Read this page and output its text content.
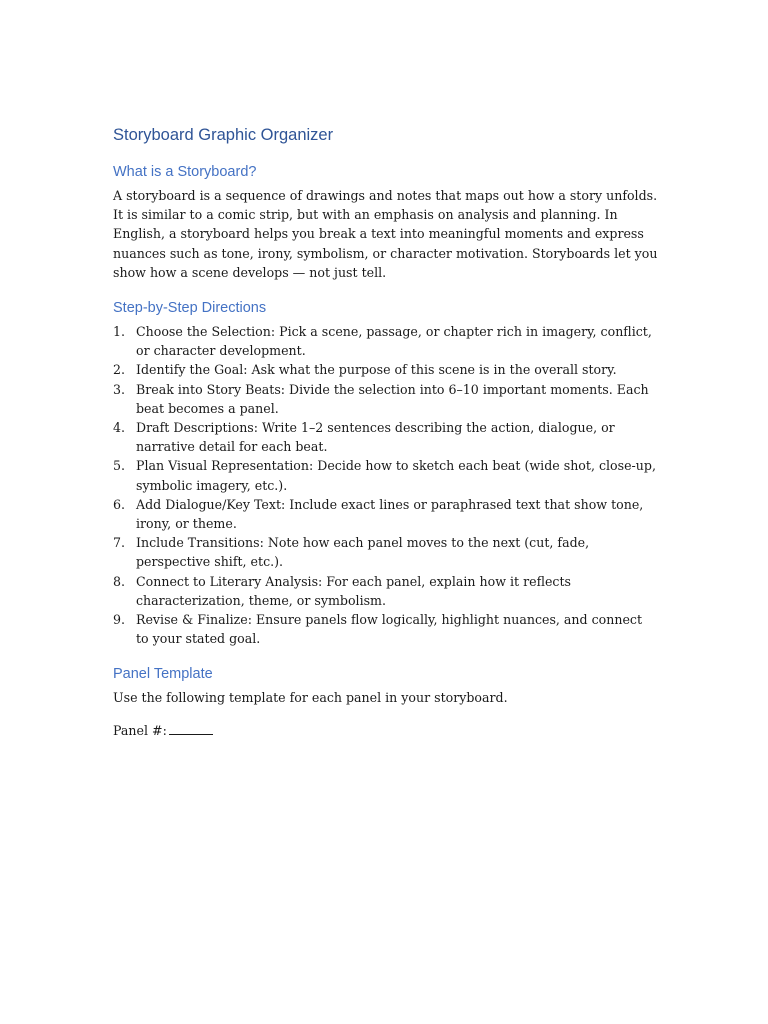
Storyboard Graphic Organizer
What is a Storyboard?

A storyboard is a sequence of drawings and notes that maps out how a story unfolds. It is similar to a comic strip, but with an emphasis on analysis and planning. In English, a storyboard helps you break a text into meaningful moments and express nuances such as tone, irony, symbolism, or character motivation. Storyboards let you show how a scene develops — not just tell.

Step-by-Step Directions
1. Choose the Selection: Pick a scene, passage, or chapter rich in imagery, conflict, or character development.
2. Identify the Goal: Ask what the purpose of this scene is in the overall story.
3. Break into Story Beats: Divide the selection into 6–10 important moments. Each beat becomes a panel.
4. Draft Descriptions: Write 1–2 sentences describing the action, dialogue, or narrative detail for each beat.
5. Plan Visual Representation: Decide how to sketch each beat (wide shot, close-up, symbolic imagery, etc.).
6. Add Dialogue/Key Text: Include exact lines or paraphrased text that show tone, irony, or theme.
7. Include Transitions: Note how each panel moves to the next (cut, fade, perspective shift, etc.).
8. Connect to Literary Analysis: For each panel, explain how it reflects characterization, theme, or symbolism.
9. Revise & Finalize: Ensure panels flow logically, highlight nuances, and connect to your stated goal.
Panel Template

Use the following template for each panel in your storyboard.

Panel #:
